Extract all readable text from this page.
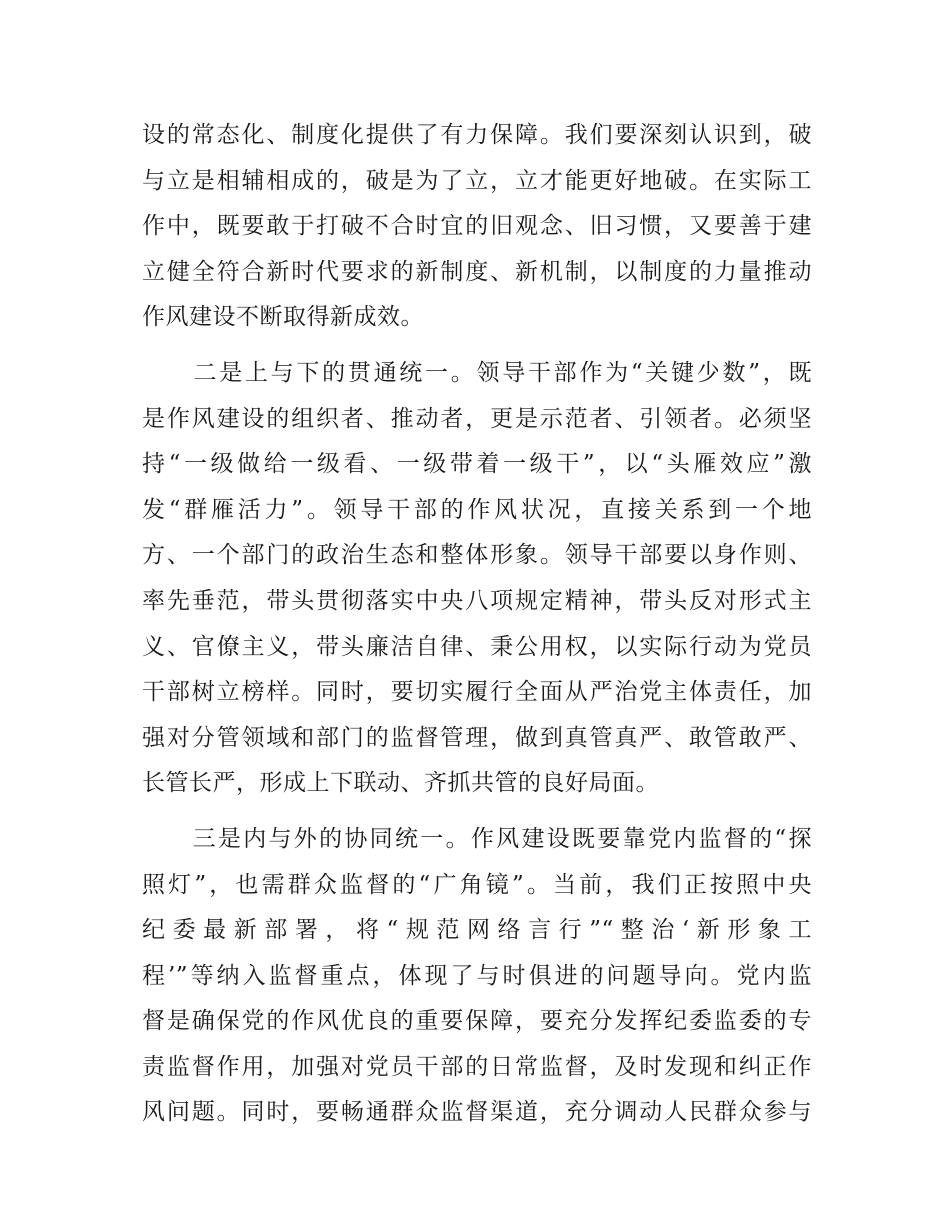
设的常态化、制度化提供了有力保障。我们要深刻认识到，破
与立是相辅相成的，破是为了立，立才能更好地破。在实际工
作中，既要敢于打破不合时宜的旧观念、旧习惯，又要善于建
立健全符合新时代要求的新制度、新机制，以制度的力量推动
作风建设不断取得新成效。
　　二是上与下的贯通统一。领导干部作为“关键少数”，既
是作风建设的组织者、推动者，更是示范者、引领者。必须坚
持“一级做给一级看、一级带着一级干”，以“头雁效应”激
发“群雁活力”。领导干部的作风状况，直接关系到一个地
方、一个部门的政治生态和整体形象。领导干部要以身作则、
率先垂范，带头贯彻落实中央八项规定精神，带头反对形式主
义、官僚主义，带头廉洁自律、秉公用权，以实际行动为党员
干部树立榜样。同时，要切实履行全面从严治党主体责任，加
强对分管领域和部门的监督管理，做到真管真严、敢管敢严、
长管长严，形成上下联动、齐抓共管的良好局面。
　　三是内与外的协同统一。作风建设既要靠党内监督的“探
照灯”，也需群众监督的“广角镜”。当前，我们正按照中央
纪委最新部署，将“规范网络言行”“整治‘新形象工
程’”等纳入监督重点，体现了与时俱进的问题导向。党内监
督是确保党的作风优良的重要保障，要充分发挥纪委监委的专
责监督作用，加强对党员干部的日常监督，及时发现和纠正作
风问题。同时，要畅通群众监督渠道，充分调动人民群众参与
